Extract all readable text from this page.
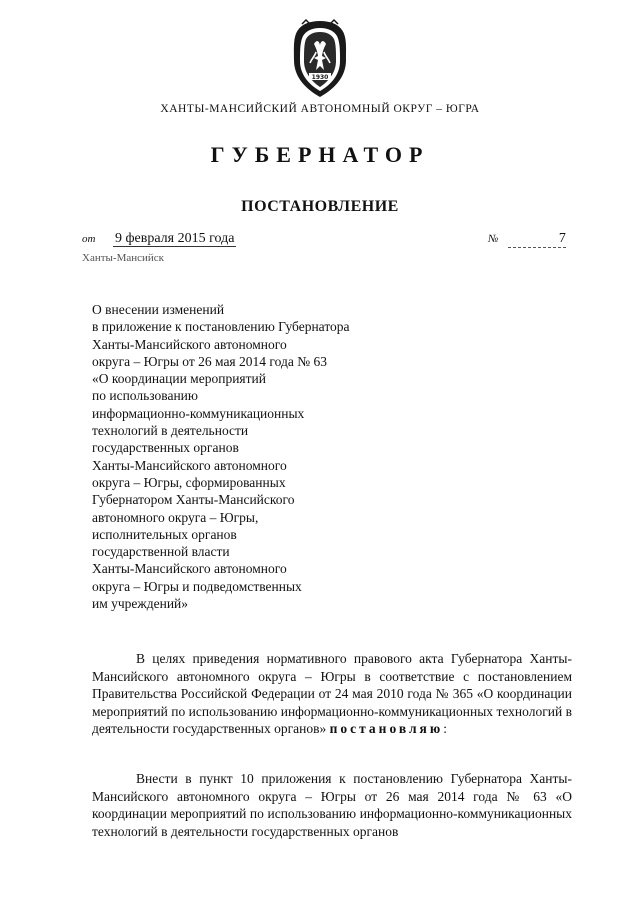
1930
ХАНТЫ-МАНСИЙСКИЙ АВТОНОМНЫЙ ОКРУГ – ЮГРА
ГУБЕРНАТОР
ПОСТАНОВЛЕНИЕ
от 9 февраля 2015 года	№	7
Ханты-Мансийск
О внесении изменений
в приложение к постановлению Губернатора
Ханты-Мансийского автономного
округа – Югры от 26 мая 2014 года № 63
«О координации мероприятий
по использованию
информационно-коммуникационных
технологий в деятельности
государственных органов
Ханты-Мансийского автономного
округа – Югры, сформированных
Губернатором Ханты-Мансийского
автономного округа – Югры,
исполнительных органов
государственной власти
Ханты-Мансийского автономного
округа – Югры и подведомственных
им учреждений»

В целях приведения нормативного правового акта Губернатора Ханты-Мансийского автономного округа – Югры в соответствие с постановлением Правительства Российской Федерации от 24 мая 2010 года № 365 «О координации мероприятий по использованию информационно-коммуникационных технологий в деятельности государственных органов» постановляю:

Внести в пункт 10 приложения к постановлению Губернатора Ханты-Мансийского автономного округа – Югры от 26 мая 2014 года № 63 «О координации мероприятий по использованию информационно-коммуникационных технологий в деятельности государственных органов
